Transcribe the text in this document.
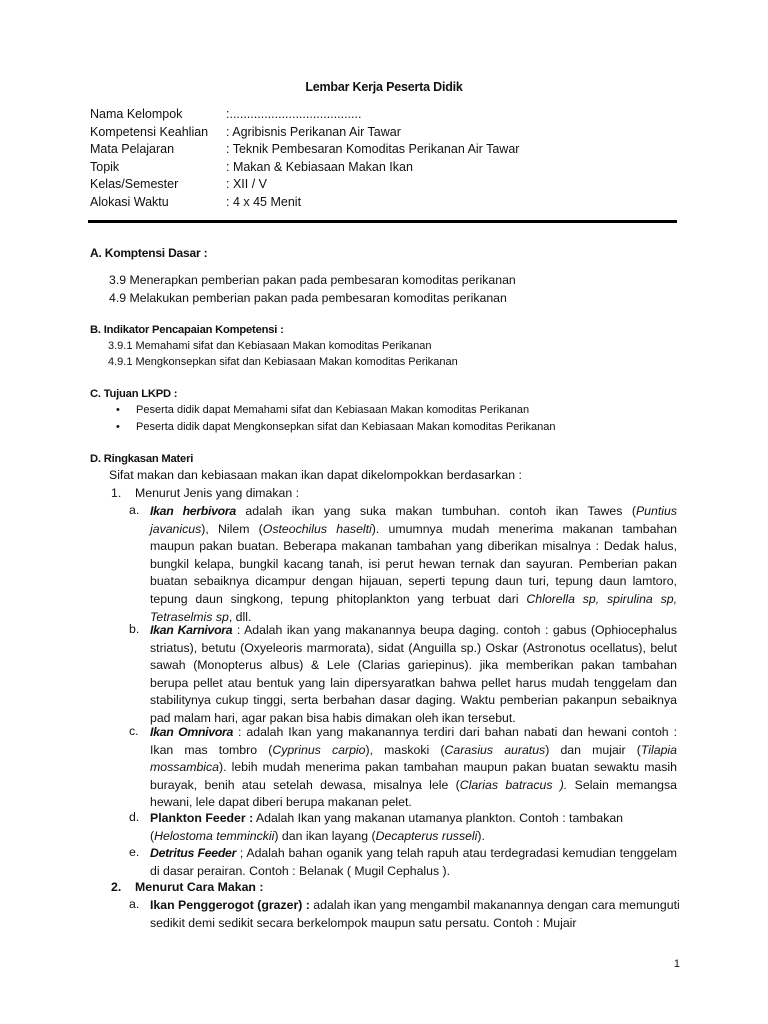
Lembar Kerja Peserta Didik
Nama Kelompok	:......................................
Kompetensi Keahlian : Agribisnis Perikanan Air Tawar
Mata Pelajaran	: Teknik Pembesaran Komoditas Perikanan Air Tawar
Topik	: Makan & Kebiasaan Makan Ikan
Kelas/Semester	: XII / V
Alokasi Waktu	: 4 x 45 Menit
A. Komptensi Dasar :
3.9 Menerapkan pemberian pakan pada pembesaran komoditas perikanan
4.9 Melakukan pemberian pakan pada pembesaran komoditas perikanan
B. Indikator Pencapaian Kompetensi :
3.9.1 Memahami sifat dan Kebiasaan Makan komoditas Perikanan
4.9.1 Mengkonsepkan sifat dan Kebiasaan Makan komoditas Perikanan
C. Tujuan LKPD :
Peserta didik dapat Memahami sifat dan Kebiasaan Makan komoditas Perikanan
Peserta didik dapat Mengkonsepkan sifat dan Kebiasaan Makan komoditas Perikanan
D. Ringkasan Materi
Sifat makan dan kebiasaan makan ikan dapat dikelompokkan berdasarkan :
1. Menurut Jenis yang dimakan :
a. Ikan herbivora adalah ikan yang suka makan tumbuhan. contoh ikan Tawes (Puntius
javanicus), Nilem (Osteochilus haselti). umumnya mudah menerima makanan tambahan
maupun pakan buatan. Beberapa makanan tambahan yang diberikan misalnya : Dedak halus,
bungkil kelapa, bungkil kacang tanah, isi perut hewan ternak dan sayuran. Pemberian pakan
buatan sebaiknya dicampur dengan hijauan, seperti tepung daun turi, tepung daun lamtoro,
tepung daun singkong, tepung phitoplankton yang terbuat dari Chlorella sp, spirulina sp,
Tetraselmis sp, dll.
b. Ikan Karnivora : Adalah ikan yang makanannya beupa daging. contoh : gabus (Ophiocephalus
striatus), betutu (Oxyeleoris marmorata), sidat (Anguilla sp.) Oskar (Astronotus ocellatus), belut
sawah (Monopterus albus) & Lele (Clarias gariepinus). jika memberikan pakan tambahan
berupa pellet atau bentuk yang lain dipersyaratkan bahwa pellet harus mudah tenggelam dan
stabilitynya cukup tinggi, serta berbahan dasar daging. Waktu pemberian pakanpun sebaiknya
pad malam hari, agar pakan bisa habis dimakan oleh ikan tersebut.
c. Ikan Omnivora : adalah Ikan yang makanannya terdiri dari bahan nabati dan hewani contoh :
Ikan mas tombro (Cyprinus carpio), maskoki (Carasius auratus) dan mujair (Tilapia
mossambica). lebih mudah menerima pakan tambahan maupun pakan buatan sewaktu masih
burayak, benih atau setelah dewasa, misalnya lele (Clarias batracus ). Selain memangsa
hewani, lele dapat diberi berupa makanan pelet.
d. Plankton Feeder : Adalah Ikan yang makanan utamanya plankton. Contoh : tambakan
(Helostoma temminckii) dan ikan layang (Decapterus russeli).
e. Detritus Feeder ; Adalah bahan oganik yang telah rapuh atau terdegradasi kemudian tenggelam
di dasar perairan. Contoh : Belanak ( Mugil Cephalus ).
2. Menurut Cara Makan :
a. Ikan Penggerogot (grazer) : adalah ikan yang mengambil makanannya dengan cara memunguti
sedikit demi sedikit secara berkelompok maupun satu persatu. Contoh : Mujair
1
